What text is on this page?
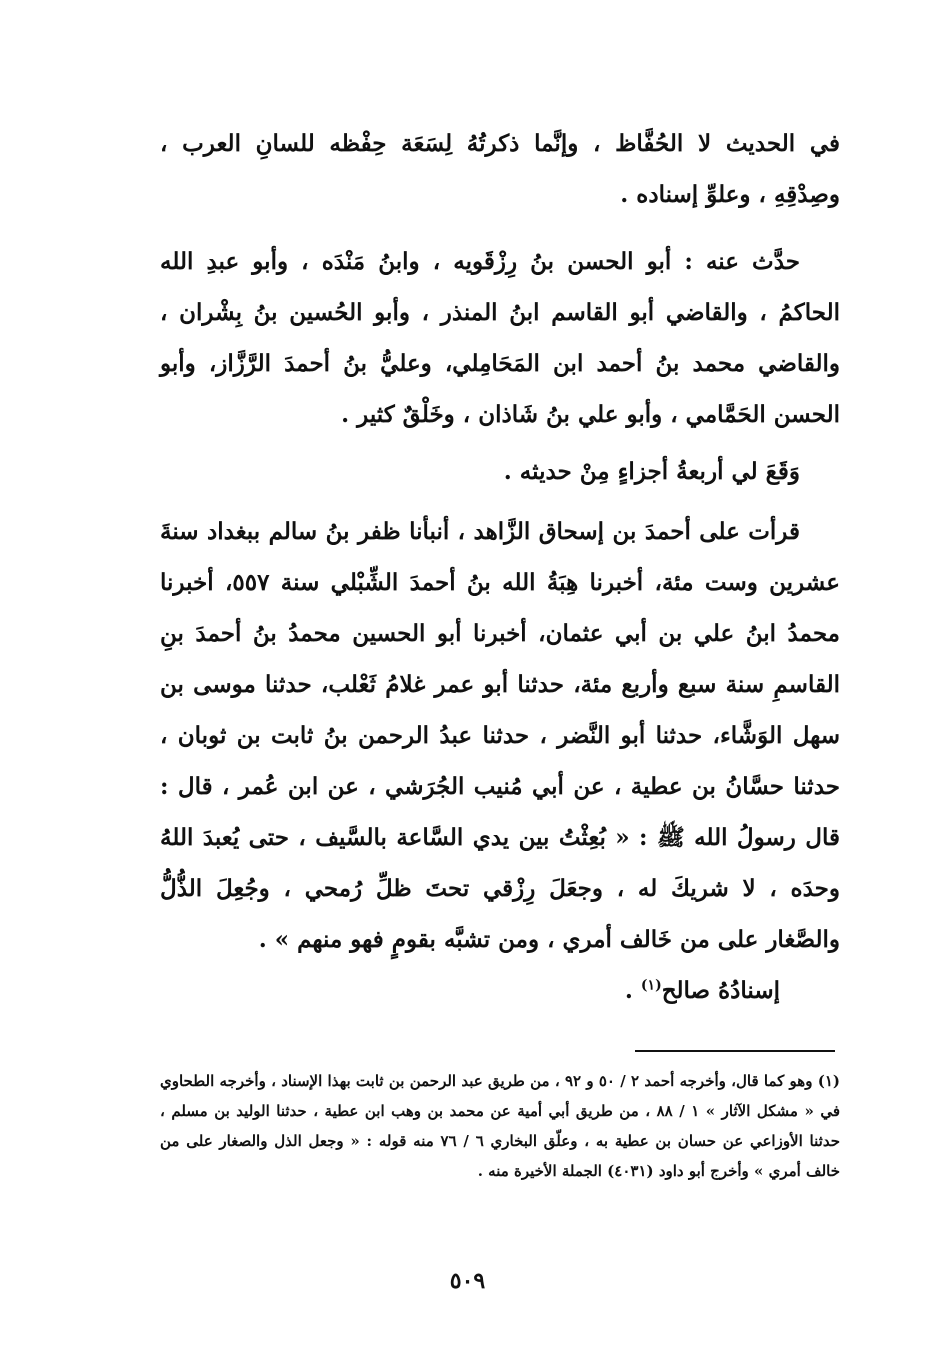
في الحديث لا الحُفَّاظ ، وإنَّما ذكرتُهُ لِسَعَة حِفْظه للسانِ العرب ، وصِدْقِهِ ، وعلوِّ إسناده .
حدَّث عنه : أبو الحسن بنُ رِزْقَويه ، وابنُ مَنْدَه ، وأبو عبدِ الله الحاكمُ ، والقاضي أبو القاسم ابنُ المنذر ، وأبو الحُسين بنُ بِشْران ، والقاضي محمد بنُ أحمد ابن المَحَامِلي، وعليُّ بنُ أحمدَ الرَّزَّاز، وأبو الحسن الحَمَّامي ، وأبو علي بنُ شَاذان ، وخَلْقٌ كثير .
وَقَعَ لي أربعةُ أجزاءٍ مِنْ حديثه .
قرأت على أحمدَ بن إسحاق الزَّاهد ، أنبأنا ظفر بنُ سالم ببغداد سنةَ عشرين وست مئة، أخبرنا هِبَةُ الله بنُ أحمدَ الشِّبْلي سنة ٥٥٧، أخبرنا محمدُ ابنُ علي بن أبي عثمان، أخبرنا أبو الحسين محمدُ بنُ أحمدَ بنِ القاسمِ سنة سبع وأربع مئة، حدثنا أبو عمر غلامُ ثَعْلب، حدثنا موسى بن سهل الوَشَّاء، حدثنا أبو النَّضر ، حدثنا عبدُ الرحمن بنُ ثابت بن ثوبان ، حدثنا حسَّانُ بن عطية ، عن أبي مُنيب الجُرَشي ، عن ابن عُمر ، قال : قال رسولُ الله ﷺ : « بُعِثْتُ بين يدي السَّاعة بالسَّيف ، حتى يُعبدَ اللهُ وحدَه ، لا شريكَ له ، وجعَلَ رِزْقي تحتَ ظلِّ رُمحي ، وجُعِلَ الذُّلُّ والصَّغار على من خَالف أمري ، ومن تشبَّه بقومٍ فهو منهم » .
إسنادُهُ صالح$^{(١)}$ .
(١) وهو كما قال، وأخرجه أحمد ٢ / ٥٠ و ٩٢ ، من طريق عبد الرحمن بن ثابت بهذا الإسناد ، وأخرجه الطحاوي في « مشكل الآثار » ١ / ٨٨ ، من طريق أبي أمية عن محمد بن وهب ابن عطية ، حدثنا الوليد بن مسلم ، حدثنا الأوزاعي عن حسان بن عطية به ، وعلّق البخاري ٦ / ٧٦ منه قوله : « وجعل الذل والصغار على من خالف أمري » وأخرج أبو داود (٤٠٣١) الجملة الأخيرة منه .
٥٠٩
